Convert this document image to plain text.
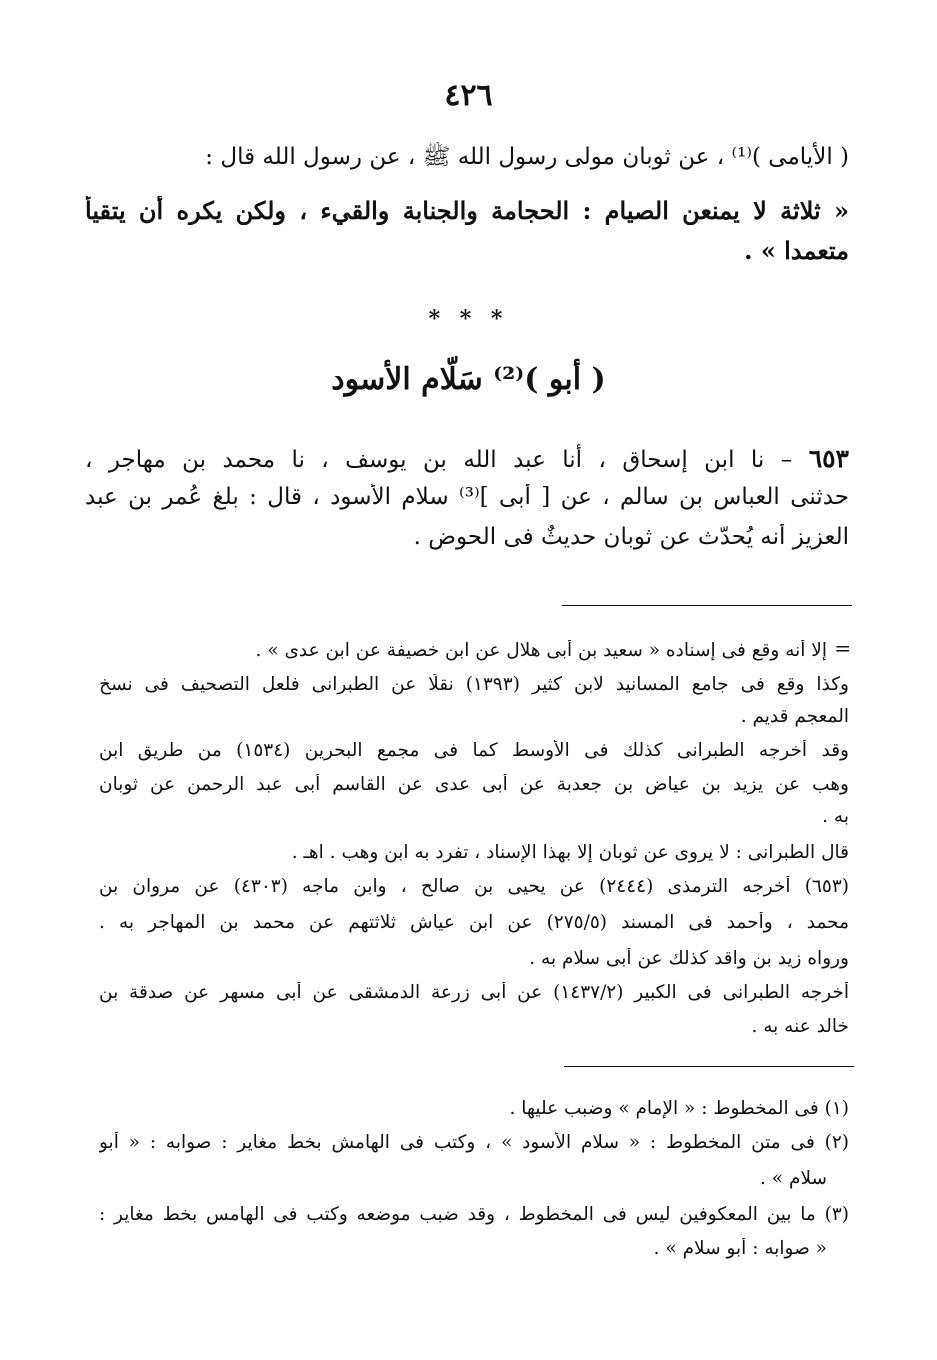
٤٢٦
( الأيامى )⁽¹⁾ ، عن ثوبان مولى رسول الله ﷺ ، عن رسول الله قال :
« ثلاثة لا يمنعن الصيام : الحجامة والجنابة والقيء ، ولكن يكره أن يتقيأ
متعمدا » .
* * *
( أبو )⁽²⁾ سَلّام الأسود
٦٥٣ – نا ابن إسحاق ، أنا عبد الله بن يوسف ، نا محمد بن مهاجر ،
حدثنى العباس بن سالم ، عن [ أبى ]⁽³⁾ سلام الأسود ، قال : بلغ عُمر بن عبد
العزيز أنه يُحدّث عن ثوبان حديثٌ فى الحوض .
=
إلا أنه وقع فى إسناده « سعيد بن أبى هلال عن ابن خصيفة عن ابن عدى » .
وكذا وقع فى جامع المسانيد لابن كثير (١٣٩٣) نقلًا عن الطبرانى فلعل التصحيف فى نسخ
المعجم قديم .
وقد أخرجه الطبرانى كذلك فى الأوسط كما فى مجمع البحرين (١٥٣٤) من طريق ابن
وهب عن يزيد بن عياض بن جعدبة عن أبى عدى عن القاسم أبى عبد الرحمن عن ثوبان
به .
قال الطبرانى : لا يروى عن ثوبان إلا بهذا الإسناد ، تفرد به ابن وهب . اهـ .
(٦٥٣) أخرجه الترمذى (٢٤٤٤) عن يحيى بن صالح ، وابن ماجه (٤٣٠٣) عن مروان بن
محمد ، وأحمد فى المسند (٢٧٥/٥) عن ابن عياش ثلاثتهم عن محمد بن المهاجر به .
ورواه زيد بن واقد كذلك عن أبى سلام به .
أخرجه الطبرانى فى الكبير (١٤٣٧/٢) عن أبى زرعة الدمشقى عن أبى مسهر عن صدقة بن
خالد عنه به .
(١) فى المخطوط : « الإمام » وضبب عليها .
(٢) فى متن المخطوط : « سلام الأسود » ، وكتب فى الهامش بخط مغاير : صوابه : « أبو
سلام » .
(٣) ما بين المعكوفين ليس فى المخطوط ، وقد ضبب موضعه وكتب فى الهامس بخط مغاير :
« صوابه : أبو سلام » .
